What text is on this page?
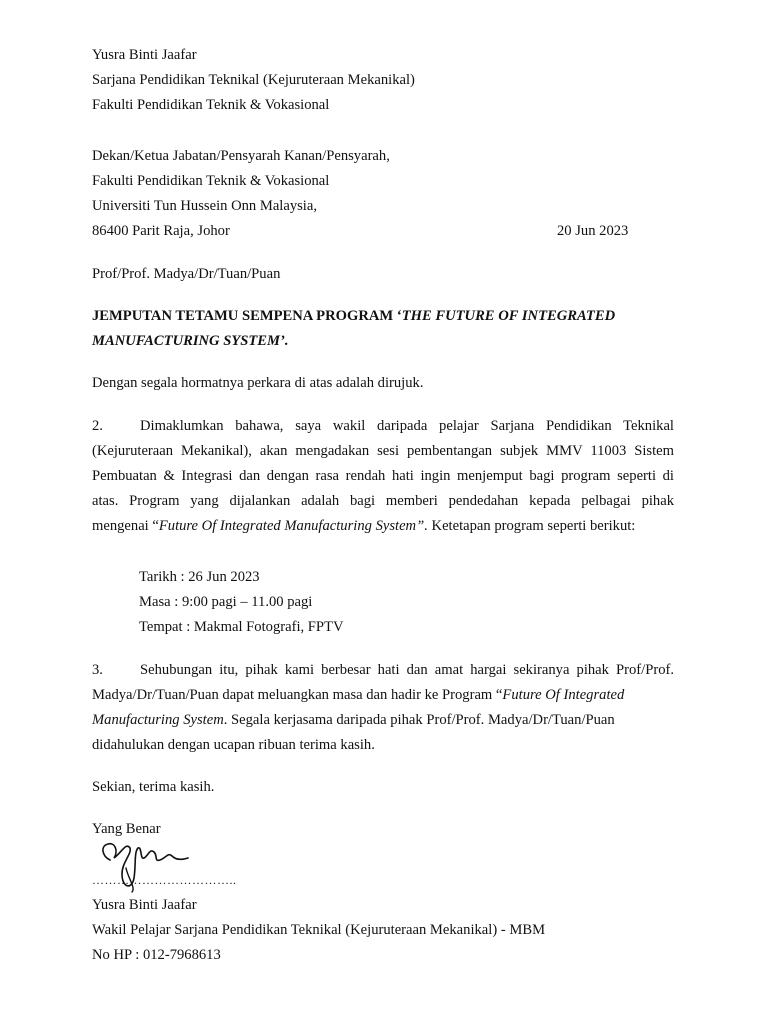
Yusra Binti Jaafar
Sarjana Pendidikan Teknikal (Kejuruteraan Mekanikal)
Fakulti Pendidikan Teknik & Vokasional
Dekan/Ketua Jabatan/Pensyarah Kanan/Pensyarah,
Fakulti Pendidikan Teknik & Vokasional
Universiti Tun Hussein Onn Malaysia,
86400 Parit Raja, Johor	20 Jun 2023
Prof/Prof. Madya/Dr/Tuan/Puan
JEMPUTAN TETAMU SEMPENA PROGRAM ‘THE FUTURE OF INTEGRATED
MANUFACTURING SYSTEM’.
Dengan segala hormatnya perkara di atas adalah dirujuk.
2.	Dimaklumkan bahawa, saya wakil daripada pelajar Sarjana Pendidikan Teknikal
(Kejuruteraan Mekanikal), akan mengadakan sesi pembentangan subjek MMV 11003 Sistem
Pembuatan & Integrasi dan dengan rasa rendah hati ingin menjemput bagi program seperti di
atas. Program yang dijalankan adalah bagi memberi pendedahan kepada pelbagai pihak
mengenai “Future Of Integrated Manufacturing System”. Ketetapan program seperti berikut:
Tarikh : 26 Jun 2023
Masa : 9:00 pagi – 11.00 pagi
Tempat : Makmal Fotografi, FPTV
3.	Sehubungan itu, pihak kami berbesar hati dan amat hargai sekiranya pihak Prof/Prof.
Madya/Dr/Tuan/Puan dapat meluangkan masa dan hadir ke Program “Future Of Integrated
Manufacturing System. Segala kerjasama daripada pihak Prof/Prof. Madya/Dr/Tuan/Puan
didahulukan dengan ucapan ribuan terima kasih.
Sekian, terima kasih.
Yang Benar
……………………………..
Yusra Binti Jaafar
Wakil Pelajar Sarjana Pendidikan Teknikal (Kejuruteraan Mekanikal) - MBM
No HP : 012-7968613
